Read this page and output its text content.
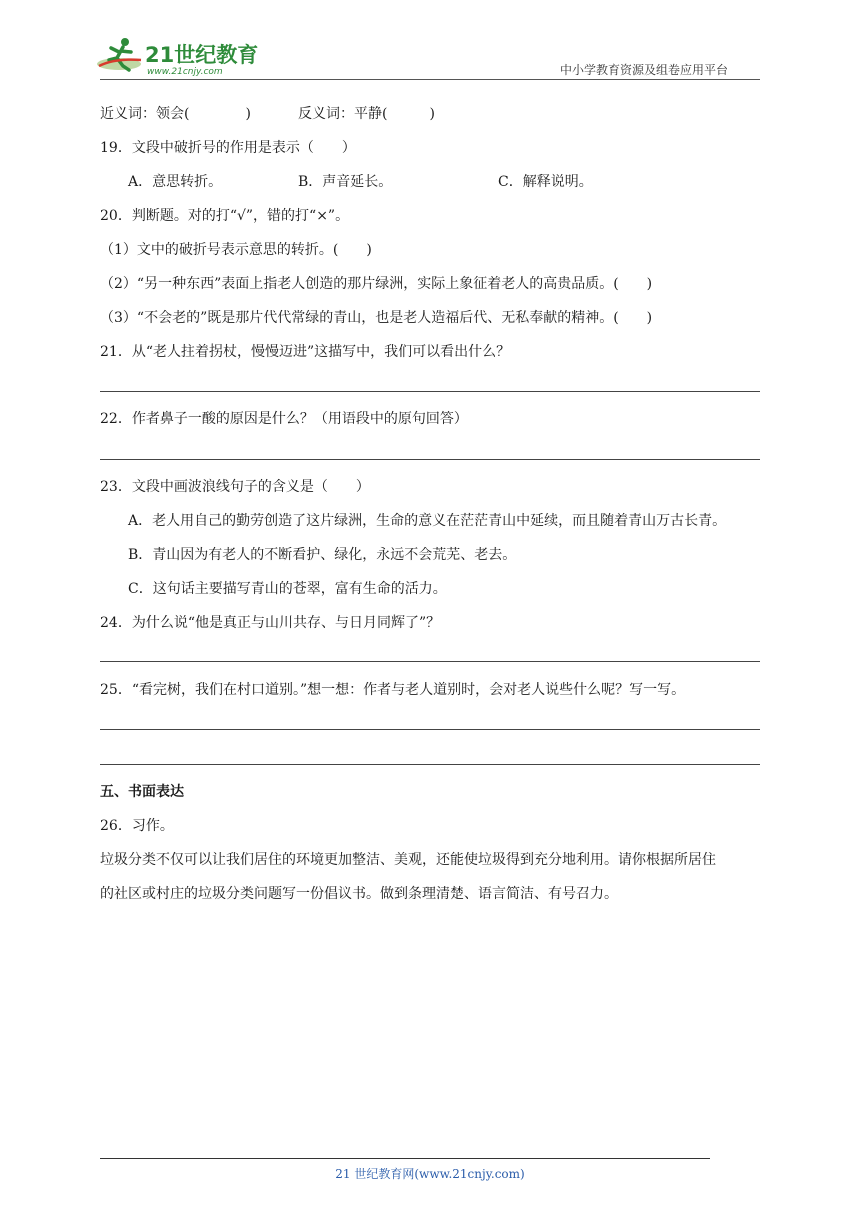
21世纪教育
www.21cnjy.com	中小学教育资源及组卷应用平台
近义词：领会(　　　　)	反义词：平静(　　　)
19．文段中破折号的作用是表示（　　）
A．意思转折。	B．声音延长。	C．解释说明。
20．判断题。对的打“√”，错的打“×”。
（1）文中的破折号表示意思的转折。(　　)
（2）“另一种东西”表面上指老人创造的那片绿洲，实际上象征着老人的高贵品质。(　　)
（3）“不会老的”既是那片代代常绿的青山，也是老人造福后代、无私奉献的精神。(　　)
21．从“老人拄着拐杖，慢慢迈进”这描写中，我们可以看出什么？
22．作者鼻子一酸的原因是什么？（用语段中的原句回答）
23．文段中画波浪线句子的含义是（　　）
A．老人用自己的勤劳创造了这片绿洲，生命的意义在茫茫青山中延续，而且随着青山万古长青。
B．青山因为有老人的不断看护、绿化，永远不会荒芜、老去。
C．这句话主要描写青山的苍翠，富有生命的活力。
24．为什么说“他是真正与山川共存、与日月同辉了”？
25．“看完树，我们在村口道别。”想一想：作者与老人道别时，会对老人说些什么呢？写一写。
五、书面表达
26．习作。
垃圾分类不仅可以让我们居住的环境更加整洁、美观，还能使垃圾得到充分地利用。请你根据所居住
的社区或村庄的垃圾分类问题写一份倡议书。做到条理清楚、语言简洁、有号召力。
21 世纪教育网(www.21cnjy.com)
